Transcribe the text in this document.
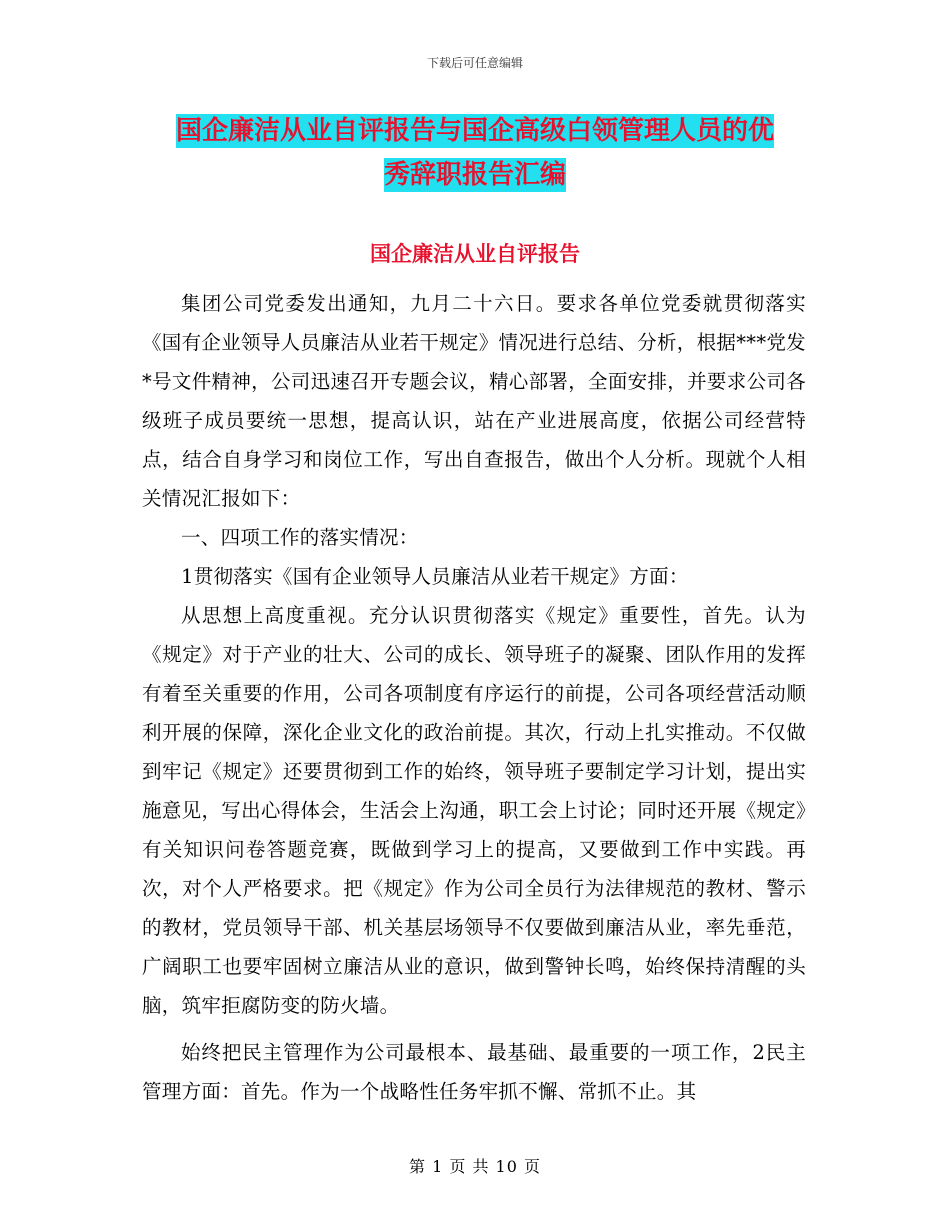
下载后可任意编辑
国企廉洁从业自评报告与国企高级白领管理人员的优
秀辞职报告汇编
国企廉洁从业自评报告

集团公司党委发出通知，九月二十六日。要求各单位党委就贯彻落实《国有企业领导人员廉洁从业若干规定》情况进行总结、分析，根据***党发*号文件精神，公司迅速召开专题会议，精心部署，全面安排，并要求公司各级班子成员要统一思想，提高认识，站在产业进展高度，依据公司经营特点，结合自身学习和岗位工作，写出自查报告，做出个人分析。现就个人相关情况汇报如下：

一、四项工作的落实情况：

1贯彻落实《国有企业领导人员廉洁从业若干规定》方面：

从思想上高度重视。充分认识贯彻落实《规定》重要性，首先。认为《规定》对于产业的壮大、公司的成长、领导班子的凝聚、团队作用的发挥有着至关重要的作用，公司各项制度有序运行的前提，公司各项经营活动顺利开展的保障，深化企业文化的政治前提。其次，行动上扎实推动。不仅做到牢记《规定》还要贯彻到工作的始终，领导班子要制定学习计划，提出实施意见，写出心得体会，生活会上沟通，职工会上讨论；同时还开展《规定》有关知识问卷答题竞赛，既做到学习上的提高，又要做到工作中实践。再次，对个人严格要求。把《规定》作为公司全员行为法律规范的教材、警示的教材，党员领导干部、机关基层场领导不仅要做到廉洁从业，率先垂范，广阔职工也要牢固树立廉洁从业的意识，做到警钟长鸣，始终保持清醒的头脑，筑牢拒腐防变的防火墙。

始终把民主管理作为公司最根本、最基础、最重要的一项工作，2民主管理方面：首先。作为一个战略性任务牢抓不懈、常抓不止。其

第 1 页 共 10 页
